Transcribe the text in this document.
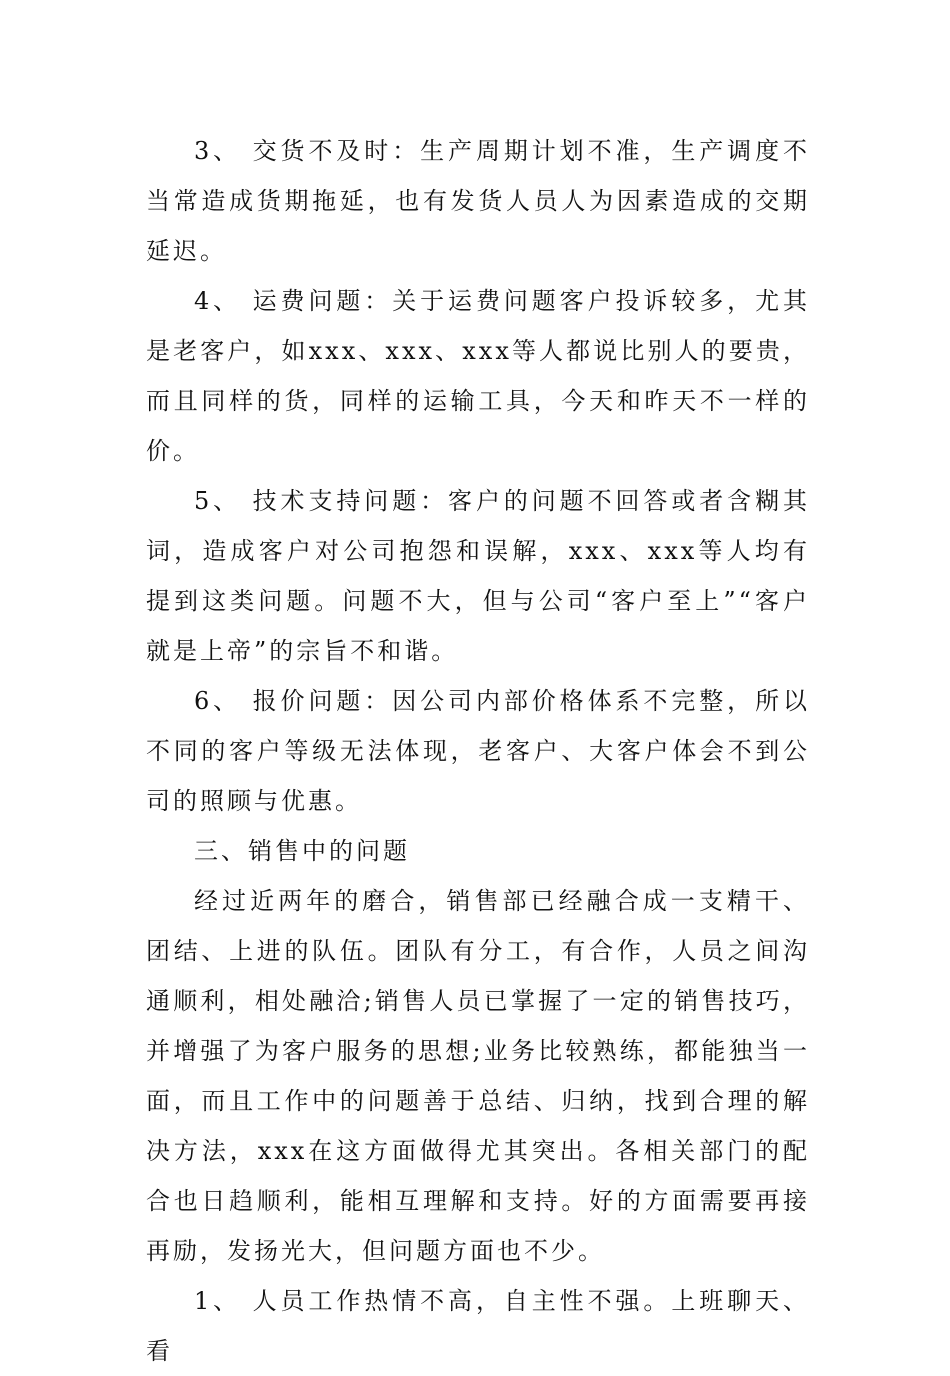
3、 交货不及时：生产周期计划不准，生产调度不当常造成货期拖延，也有发货人员人为因素造成的交期延迟。

4、 运费问题：关于运费问题客户投诉较多，尤其是老客户，如xxx、xxx、xxx等人都说比别人的要贵，而且同样的货，同样的运输工具，今天和昨天不一样的价。

5、 技术支持问题：客户的问题不回答或者含糊其词，造成客户对公司抱怨和误解，xxx、xxx等人均有提到这类问题。问题不大，但与公司“客户至上”“客户就是上帝”的宗旨不和谐。

6、 报价问题：因公司内部价格体系不完整，所以不同的客户等级无法体现，老客户、大客户体会不到公司的照顾与优惠。

三、销售中的问题

经过近两年的磨合，销售部已经融合成一支精干、团结、上进的队伍。团队有分工，有合作，人员之间沟通顺利，相处融洽;销售人员已掌握了一定的销售技巧，并增强了为客户服务的思想;业务比较熟练，都能独当一面，而且工作中的问题善于总结、归纳，找到合理的解决方法，xxx在这方面做得尤其突出。各相关部门的配合也日趋顺利，能相互理解和支持。好的方面需要再接再励，发扬光大，但问题方面也不少。

1、 人员工作热情不高，自主性不强。上班聊天、看
